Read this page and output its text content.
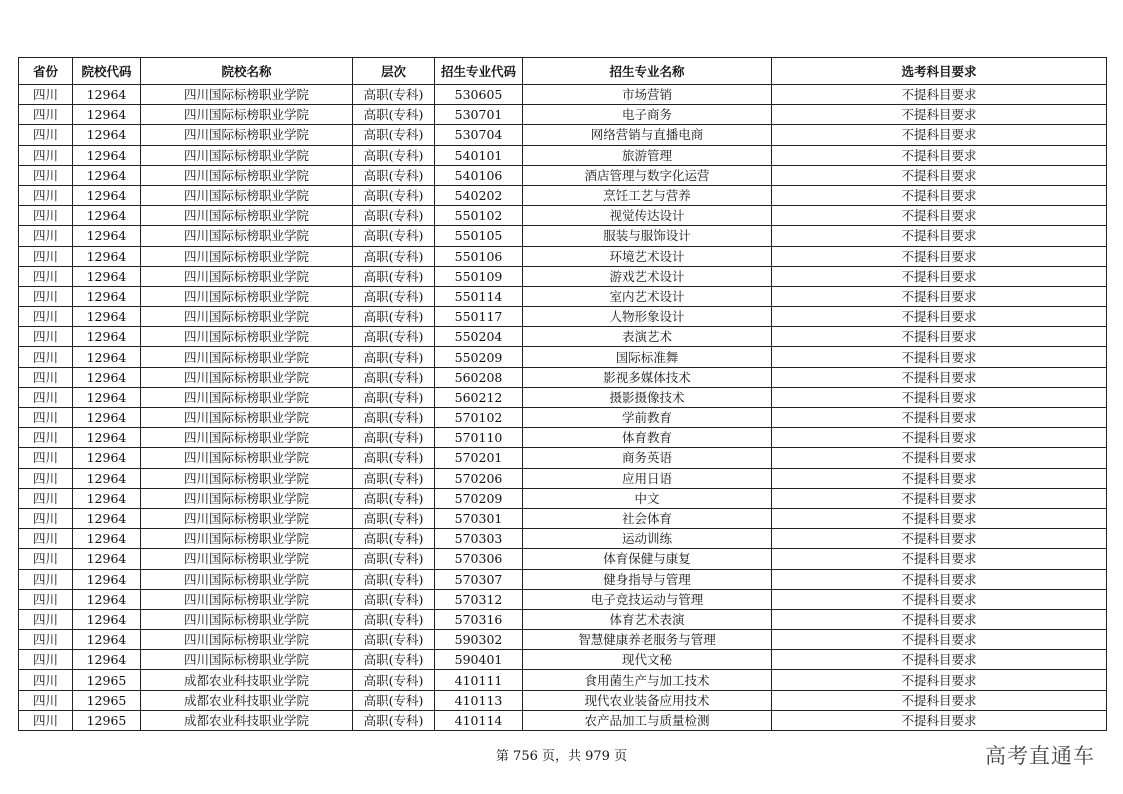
省份	院校代码	院校名称	层次	招生专业代码	招生专业名称	选考科目要求
四川	12964	四川国际标榜职业学院	高职(专科)	530605	市场营销	不提科目要求
四川	12964	四川国际标榜职业学院	高职(专科)	530701	电子商务	不提科目要求
四川	12964	四川国际标榜职业学院	高职(专科)	530704	网络营销与直播电商	不提科目要求
四川	12964	四川国际标榜职业学院	高职(专科)	540101	旅游管理	不提科目要求
四川	12964	四川国际标榜职业学院	高职(专科)	540106	酒店管理与数字化运营	不提科目要求
四川	12964	四川国际标榜职业学院	高职(专科)	540202	烹饪工艺与营养	不提科目要求
四川	12964	四川国际标榜职业学院	高职(专科)	550102	视觉传达设计	不提科目要求
四川	12964	四川国际标榜职业学院	高职(专科)	550105	服装与服饰设计	不提科目要求
四川	12964	四川国际标榜职业学院	高职(专科)	550106	环境艺术设计	不提科目要求
四川	12964	四川国际标榜职业学院	高职(专科)	550109	游戏艺术设计	不提科目要求
四川	12964	四川国际标榜职业学院	高职(专科)	550114	室内艺术设计	不提科目要求
四川	12964	四川国际标榜职业学院	高职(专科)	550117	人物形象设计	不提科目要求
四川	12964	四川国际标榜职业学院	高职(专科)	550204	表演艺术	不提科目要求
四川	12964	四川国际标榜职业学院	高职(专科)	550209	国际标准舞	不提科目要求
四川	12964	四川国际标榜职业学院	高职(专科)	560208	影视多媒体技术	不提科目要求
四川	12964	四川国际标榜职业学院	高职(专科)	560212	摄影摄像技术	不提科目要求
四川	12964	四川国际标榜职业学院	高职(专科)	570102	学前教育	不提科目要求
四川	12964	四川国际标榜职业学院	高职(专科)	570110	体育教育	不提科目要求
四川	12964	四川国际标榜职业学院	高职(专科)	570201	商务英语	不提科目要求
四川	12964	四川国际标榜职业学院	高职(专科)	570206	应用日语	不提科目要求
四川	12964	四川国际标榜职业学院	高职(专科)	570209	中文	不提科目要求
四川	12964	四川国际标榜职业学院	高职(专科)	570301	社会体育	不提科目要求
四川	12964	四川国际标榜职业学院	高职(专科)	570303	运动训练	不提科目要求
四川	12964	四川国际标榜职业学院	高职(专科)	570306	体育保健与康复	不提科目要求
四川	12964	四川国际标榜职业学院	高职(专科)	570307	健身指导与管理	不提科目要求
四川	12964	四川国际标榜职业学院	高职(专科)	570312	电子竞技运动与管理	不提科目要求
四川	12964	四川国际标榜职业学院	高职(专科)	570316	体育艺术表演	不提科目要求
四川	12964	四川国际标榜职业学院	高职(专科)	590302	智慧健康养老服务与管理	不提科目要求
四川	12964	四川国际标榜职业学院	高职(专科)	590401	现代文秘	不提科目要求
四川	12965	成都农业科技职业学院	高职(专科)	410111	食用菌生产与加工技术	不提科目要求
四川	12965	成都农业科技职业学院	高职(专科)	410113	现代农业装备应用技术	不提科目要求
四川	12965	成都农业科技职业学院	高职(专科)	410114	农产品加工与质量检测	不提科目要求
第 756 页，共 979 页	高考直通车
